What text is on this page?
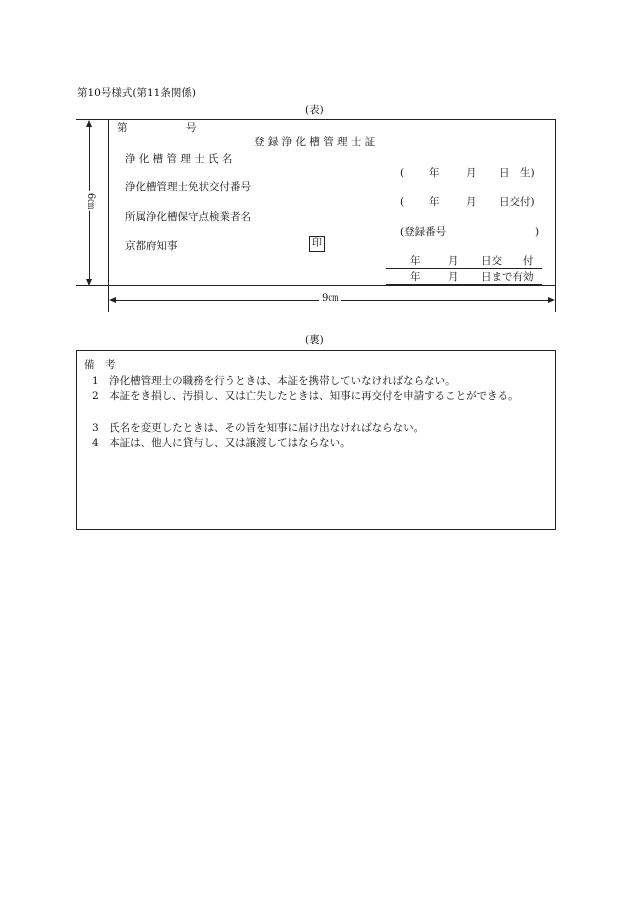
第10号様式(第11条関係)
(表)
6㎝
9㎝
第	号
登 録 浄 化 槽 管 理 士 証
浄 化 槽 管 理 士 氏 名
浄化槽管理士免状交付番号
所属浄化槽保守点検業者名
京都府知事	印
( 年	月 日　生)
( 年	月 日交付)
(登録番号	)
年	月 日交　　付
年	月 日まで有効
(裏)
備　考
1　浄化槽管理士の職務を行うときは、本証を携帯していなければならない。
2　本証をき損し、汚損し、又は亡失したときは、知事に再交付を申請することができる。
3　氏名を変更したときは、その旨を知事に届け出なければならない。
4　本証は、他人に貸与し、又は譲渡してはならない。
